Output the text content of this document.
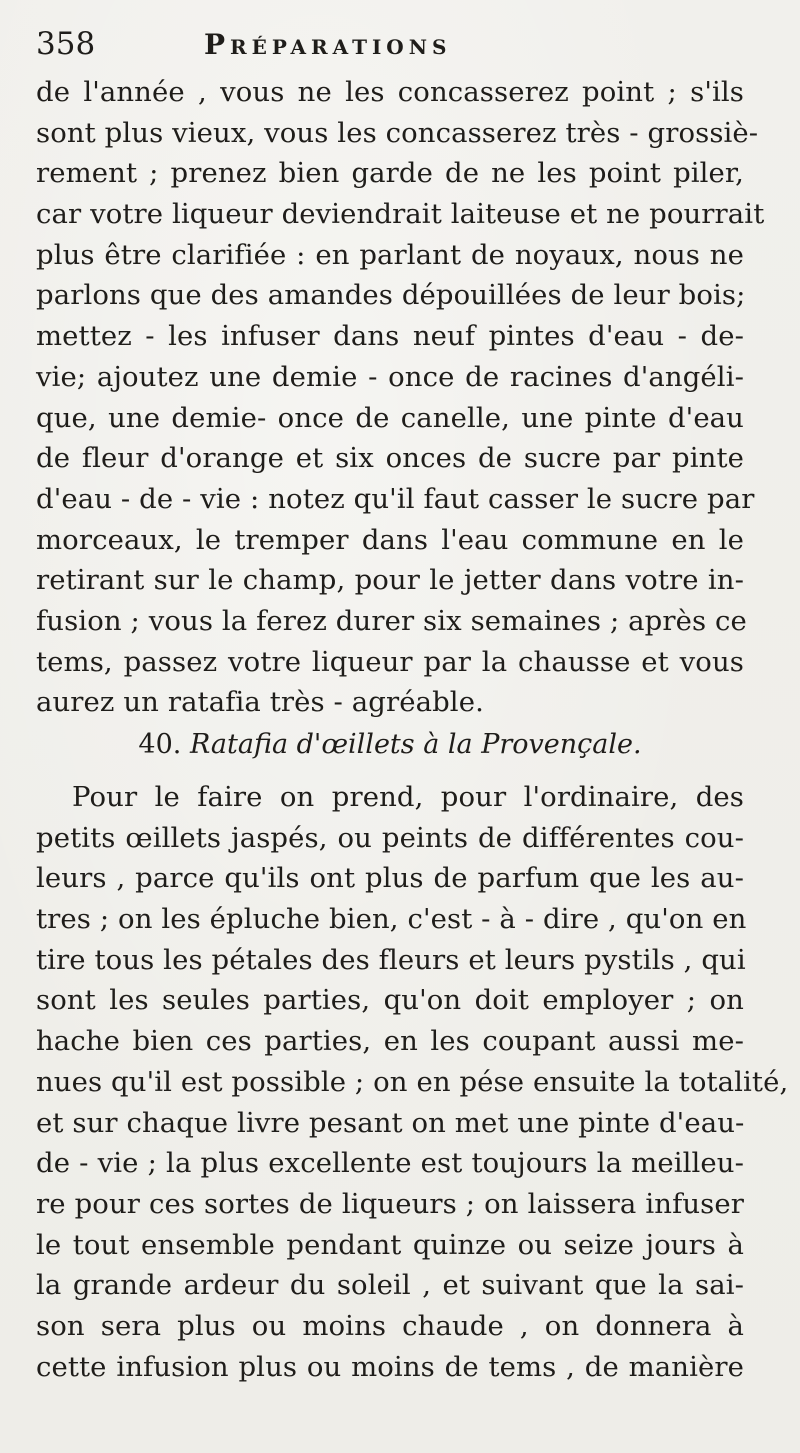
358	Préparations
de l'année , vous ne les concasserez point ; s'ils
sont plus vieux, vous les concasserez très - grossiè-
rement ; prenez bien garde de ne les point piler,
car votre liqueur deviendrait laiteuse et ne pourrait
plus être clarifiée : en parlant de noyaux, nous ne
parlons que des amandes dépouillées de leur bois;
mettez - les infuser dans neuf pintes d'eau - de-
vie; ajoutez une demie - once de racines d'angéli-
que, une demie- once de canelle, une pinte d'eau
de fleur d'orange et six onces de sucre par pinte
d'eau - de - vie : notez qu'il faut casser le sucre par
morceaux, le tremper dans l'eau commune en le
retirant sur le champ, pour le jetter dans votre in-
fusion ; vous la ferez durer six semaines ; après ce
tems, passez votre liqueur par la chausse et vous
aurez un ratafia très - agréable.
40. Ratafia d'œillets à la Provençale.
Pour le faire on prend, pour l'ordinaire, des
petits œillets jaspés, ou peints de différentes cou-
leurs , parce qu'ils ont plus de parfum que les au-
tres ; on les épluche bien, c'est - à - dire , qu'on en
tire tous les pétales des fleurs et leurs pystils , qui
sont les seules parties, qu'on doit employer ; on
hache bien ces parties, en les coupant aussi me-
nues qu'il est possible ; on en pése ensuite la totalité,
et sur chaque livre pesant on met une pinte d'eau-
de - vie ; la plus excellente est toujours la meilleu-
re pour ces sortes de liqueurs ; on laissera infuser
le tout ensemble pendant quinze ou seize jours à
la grande ardeur du soleil , et suivant que la sai-
son sera plus ou moins chaude , on donnera à
cette infusion plus ou moins de tems , de manière
